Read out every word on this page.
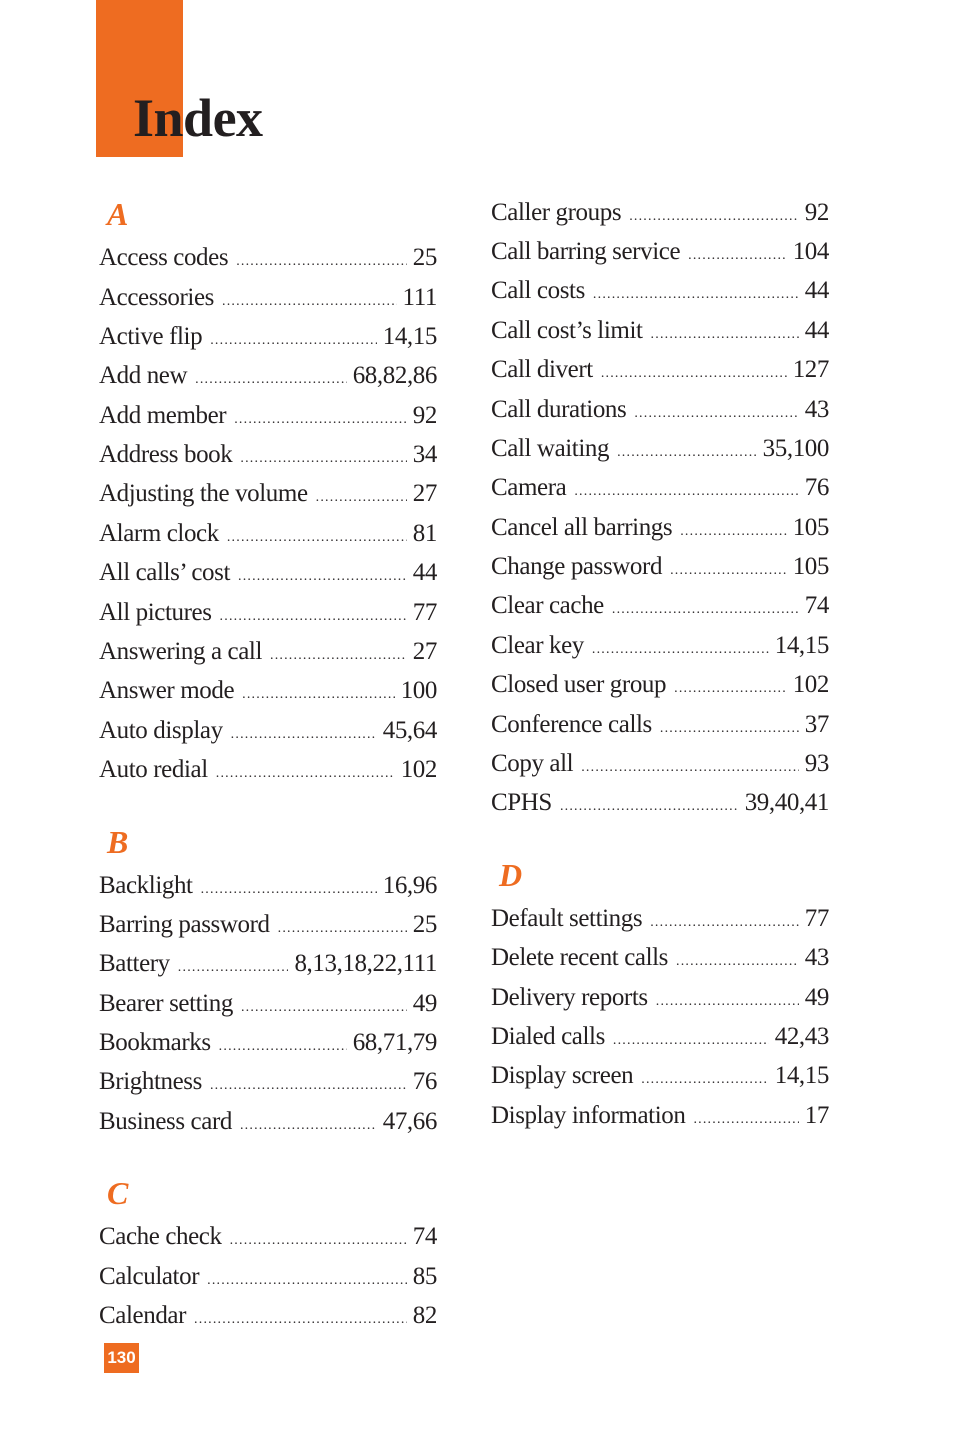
Index
A
Access codes .....	25
Accessories .....	111
Active flip .....	14,15
Add new .....	68,82,86
Add member .....	92
Address book .....	34
Adjusting the volume .....	27
Alarm clock .....	81
All calls’ cost .....	44
All pictures .....	77
Answering a call .....	27
Answer mode .....	100
Auto display .....	45,64
Auto redial .....	102
B
Backlight .....	16,96
Barring password .....	25
Battery .....	8,13,18,22,111
Bearer setting .....	49
Bookmarks .....	68,71,79
Brightness .....	76
Business card .....	47,66
C
Cache check .....	74
Calculator .....	85
Calendar .....	82
Caller groups .....	92
Call barring service .....	104
Call costs .....	44
Call cost’s limit .....	44
Call divert .....	127
Call durations .....	43
Call waiting .....	35,100
Camera .....	76
Cancel all barrings .....	105
Change password .....	105
Clear cache .....	74
Clear key .....	14,15
Closed user group .....	102
Conference calls .....	37
Copy all .....	93
CPHS .....	39,40,41
D
Default settings .....	77
Delete recent calls .....	43
Delivery reports .....	49
Dialed calls .....	42,43
Display screen .....	14,15
Display information .....	17
130
